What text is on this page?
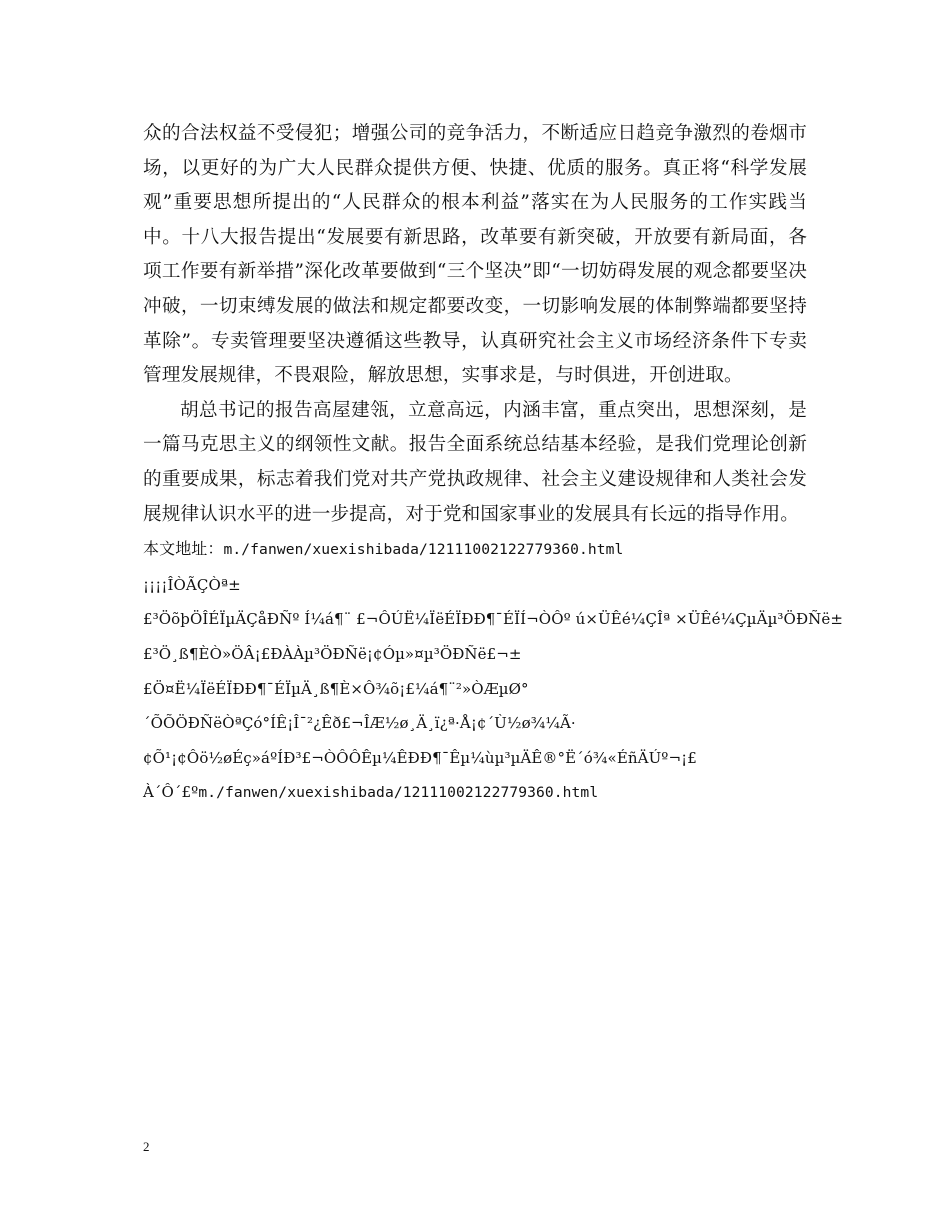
众的合法权益不受侵犯；增强公司的竞争活力，不断适应日趋竞争激烈的卷烟市场，以更好的为广大人民群众提供方便、快捷、优质的服务。真正将“科学发展观”重要思想所提出的“人民群众的根本利益”落实在为人民服务的工作实践当中。十八大报告提出“发展要有新思路，改革要有新突破，开放要有新局面，各项工作要有新举措”深化改革要做到“三个坚决”即“一切妨碍发展的观念都要坚决冲破，一切束缚发展的做法和规定都要改变，一切影响发展的体制弊端都要坚持革除”。专卖管理要坚决遵循这些教导，认真研究社会主义市场经济条件下专卖管理发展规律，不畏艰险，解放思想，实事求是，与时俱进，开创进取。

胡总书记的报告高屋建瓴，立意高远，内涵丰富，重点突出，思想深刻，是一篇马克思主义的纲领性文献。报告全面系统总结基本经验，是我们党理论创新的重要成果，标志着我们党对共产党执政规律、社会主义建设规律和人类社会发展规律认识水平的进一步提高，对于党和国家事业的发展具有长远的指导作用。

本文地址：m./fanwen/xuexishibada/12111002122779360.html

¡¡¡¡ÎÒÃÇÒª±

£³ÖõþÖÎÉÏµÄÇåÐÑº Í¼á¶¨ £¬ÔÚË¼ÏëÉÏÐÐ¶¯ÉÏÍ¬ÒÔº ú×ÜÊé¼ÇÎª ×ÜÊé¼ÇµÄµ³ÖÐÑë±

£³Ö¸ß¶ÈÒ»ÖÂ¡£ÐÀÀµ³ÖÐÑë¡¢Óµ»¤µ³ÖÐÑë£¬±

£Ö¤Ë¼ÏëÉÏÐÐ¶¯ÉÏµÄ¸ß¶È×Ô¾õ¡£¼á¶¨²»ÒÆµØ°

´ÕÕÖÐÑëÒªÇó°ÍÊ¡Î¯²¿Êð£¬ÎÆ½ø¸Ä¸ï¿ª·Å¡¢´Ù½ø¾¼Ã·

¢Õ¹¡¢Ôö½øÉç»áºÍÐ³£¬ÒÔÔÊµ¼ÊÐÐ¶¯Êµ¼ùµ³µÄÊ®°Ë´ó¾«ÉñÄÚº¬¡£

À´Ô´£ºm./fanwen/xuexishibada/12111002122779360.html

2
